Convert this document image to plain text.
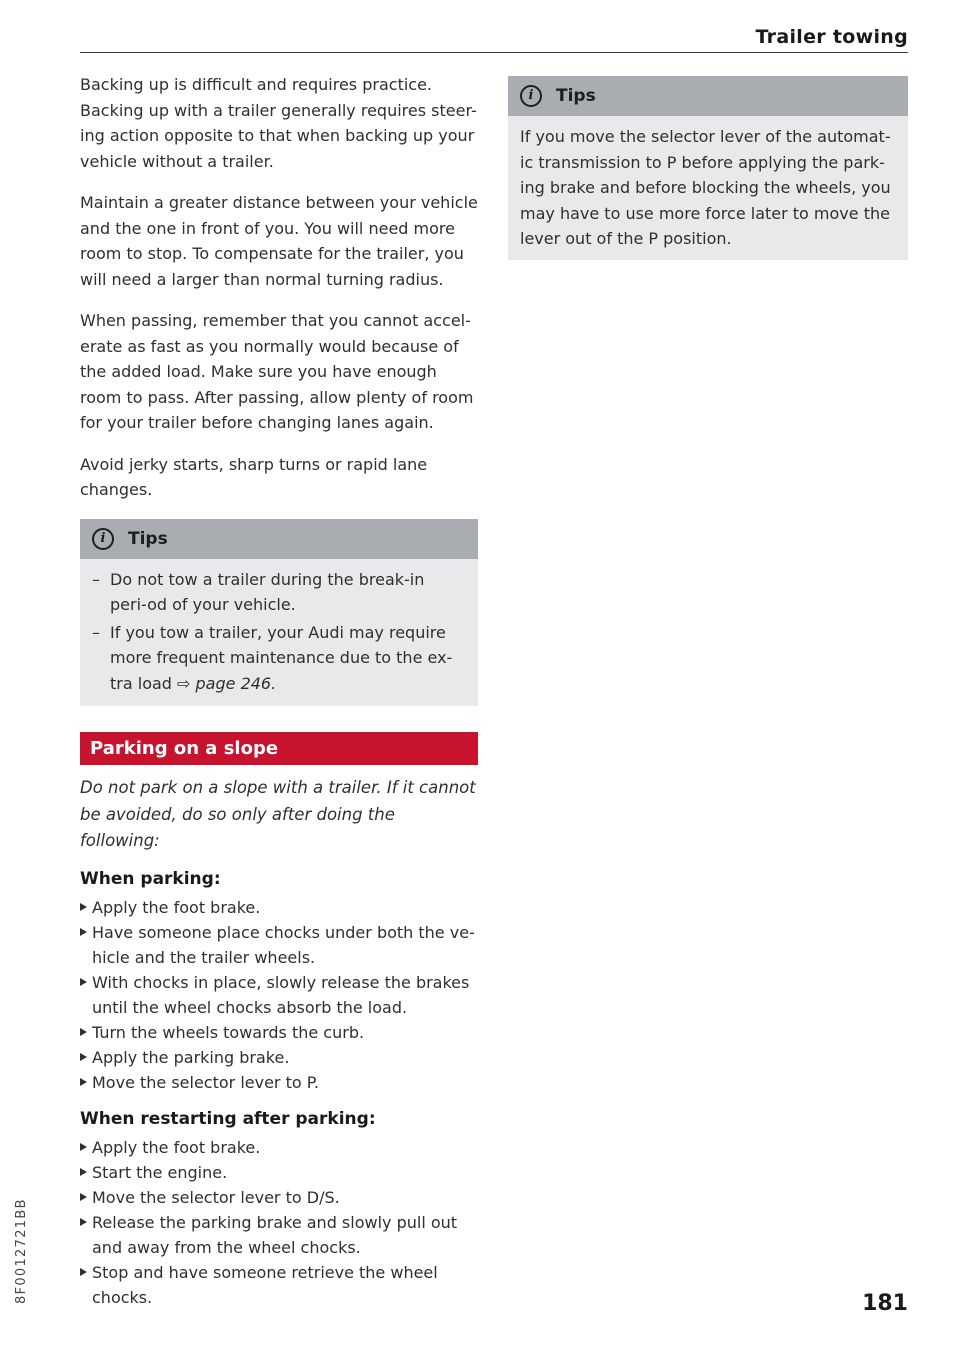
Trailer towing

Backing up is difficult and requires practice. Backing up with a trailer generally requires steer-ing action opposite to that when backing up your vehicle without a trailer.

Maintain a greater distance between your vehicle and the one in front of you. You will need more room to stop. To compensate for the trailer, you will need a larger than normal turning radius.

When passing, remember that you cannot accel-erate as fast as you normally would because of the added load. Make sure you have enough room to pass. After passing, allow plenty of room for your trailer before changing lanes again.

Avoid jerky starts, sharp turns or rapid lane changes.

i	Tips
– Do not tow a trailer during the break-in peri-od of your vehicle.
– If you tow a trailer, your Audi may require more frequent maintenance due to the ex-tra load ⇨ page 246.
Parking on a slope

Do not park on a slope with a trailer. If it cannot be avoided, do so only after doing the following:

When parking:
Apply the foot brake.
Have someone place chocks under both the ve-hicle and the trailer wheels.
With chocks in place, slowly release the brakes until the wheel chocks absorb the load.
Turn the wheels towards the curb.
Apply the parking brake.
Move the selector lever to P.
When restarting after parking:
Apply the foot brake.
Start the engine.
Move the selector lever to D/S.
Release the parking brake and slowly pull out and away from the wheel chocks.
Stop and have someone retrieve the wheel chocks.
i	Tips
If you move the selector lever of the automat-ic transmission to P before applying the park-ing brake and before blocking the wheels, you may have to use more force later to move the lever out of the P position.
8F0012721BB	181
